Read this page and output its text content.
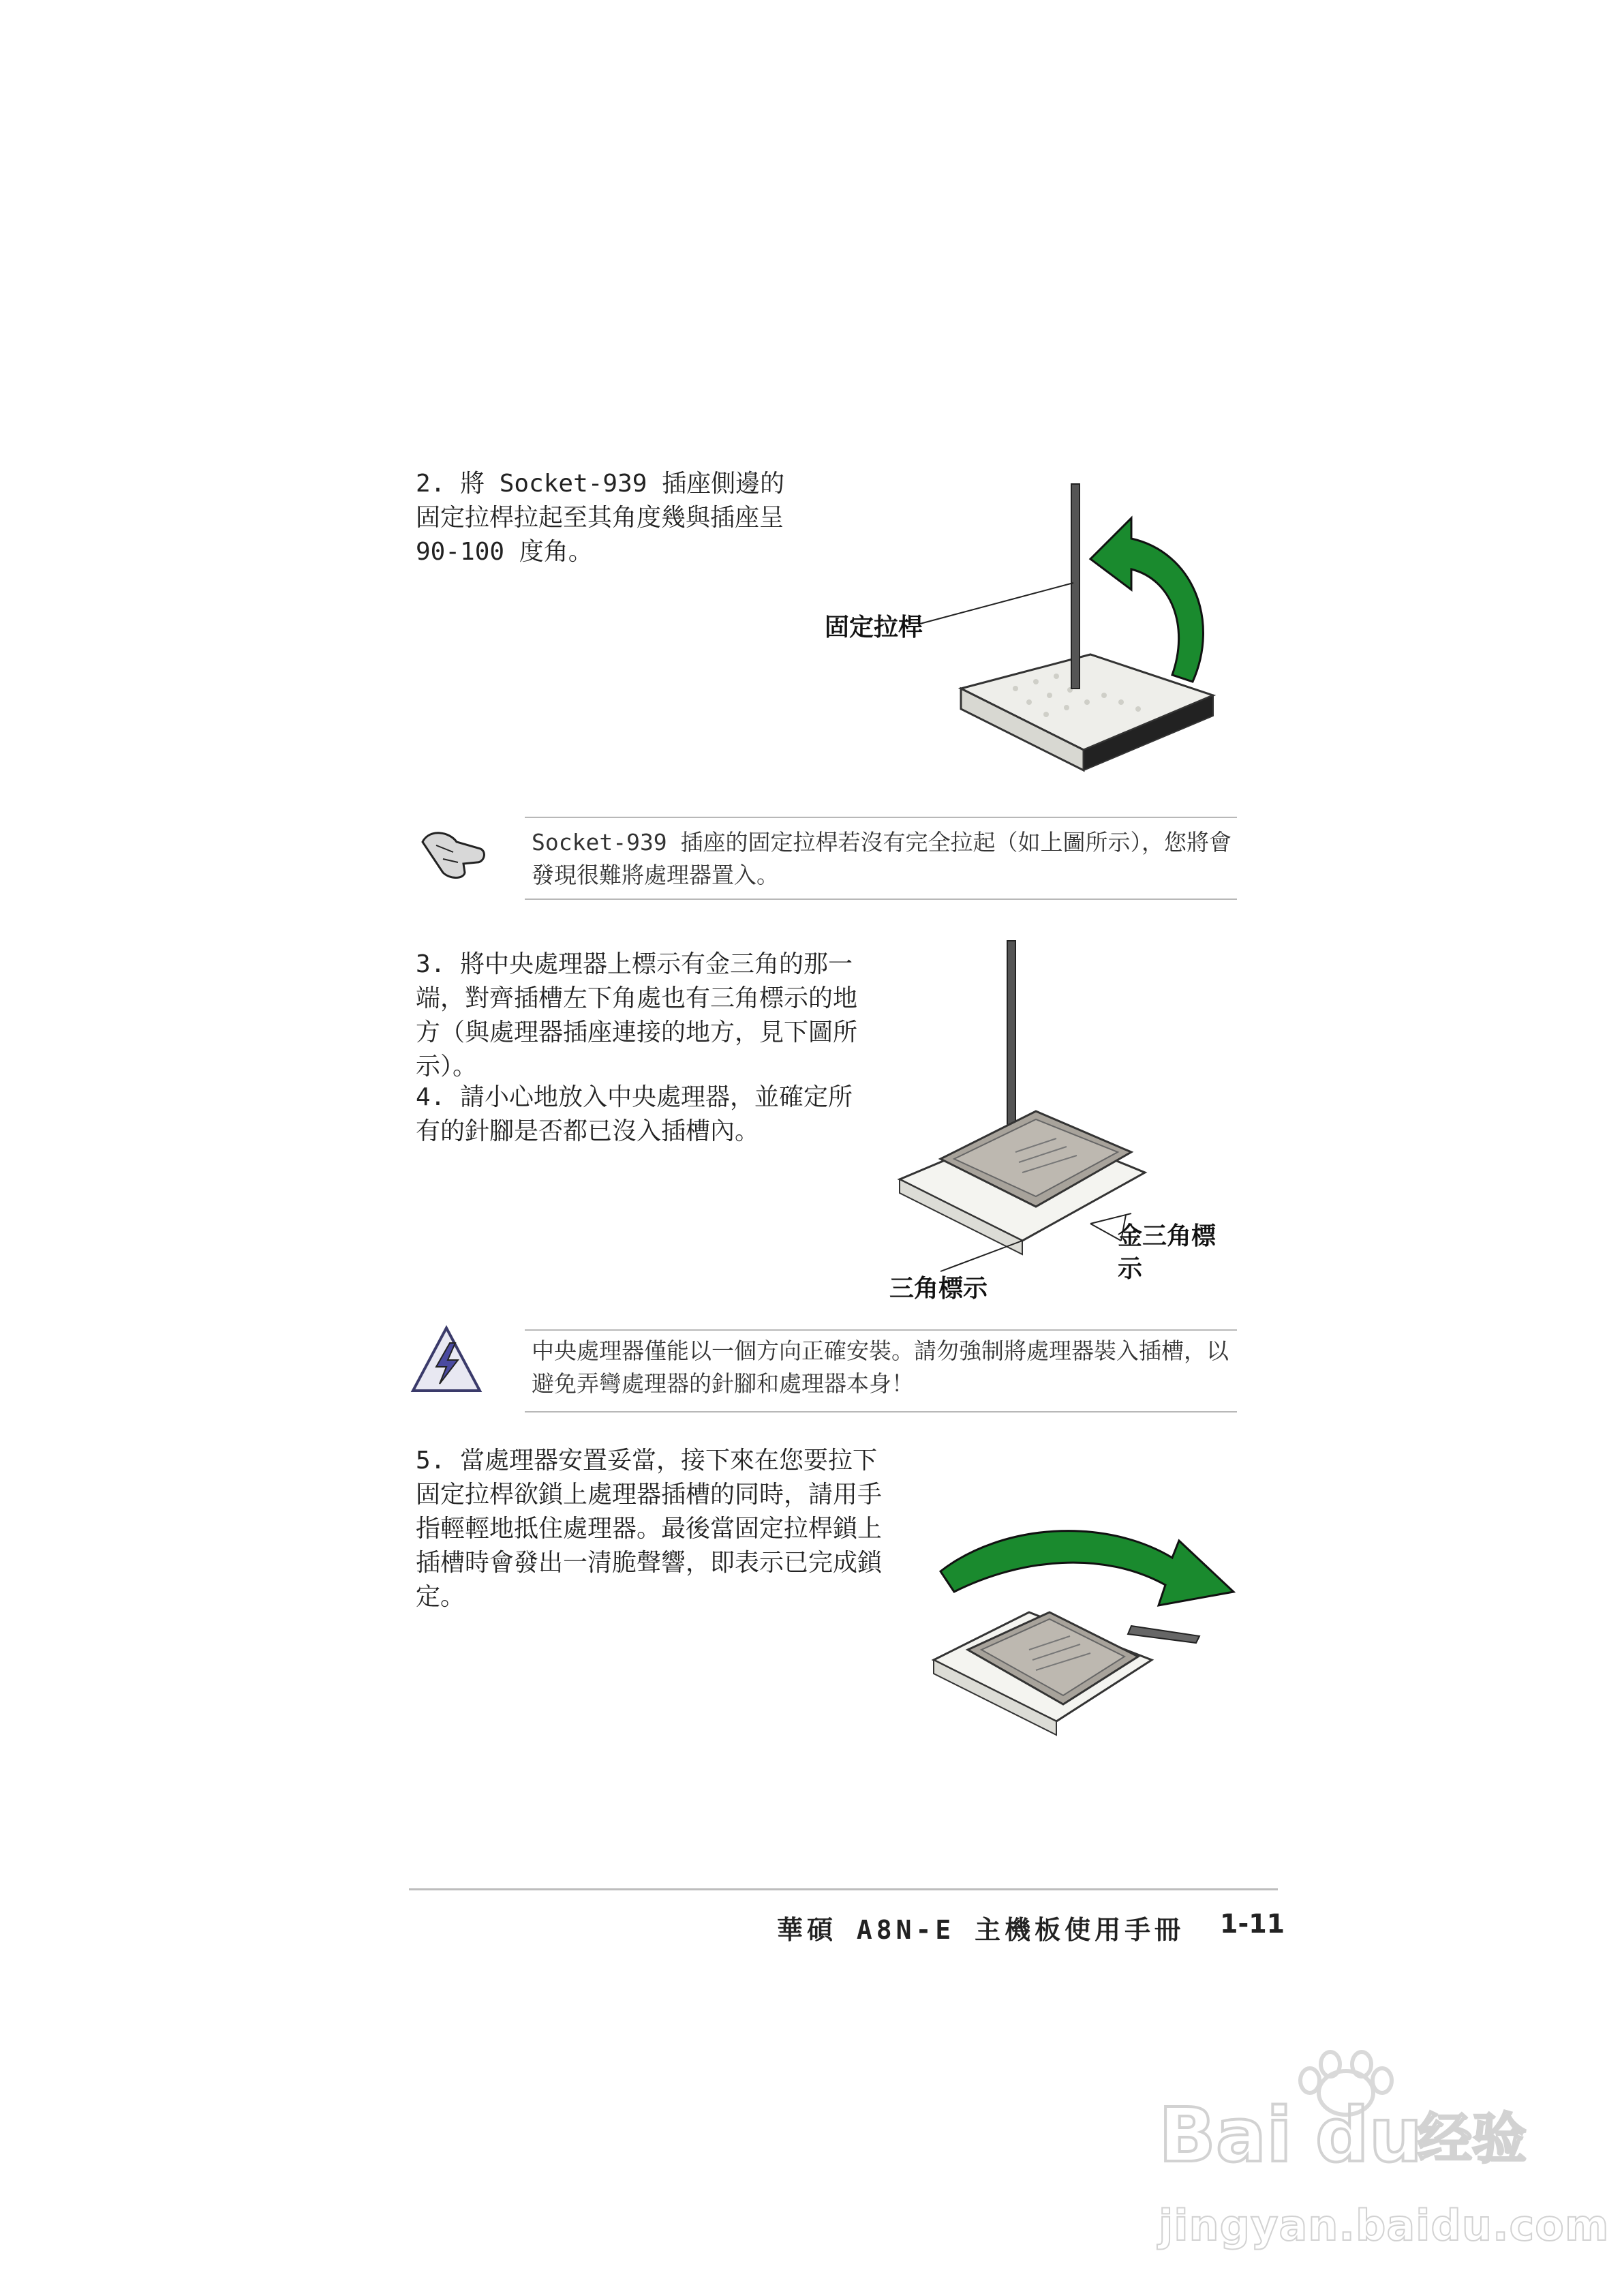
2. 將 Socket-939 插座側邊的固定拉桿拉起至其角度幾與插座呈 90-100 度角。
固定拉桿
Socket-939 插座的固定拉桿若沒有完全拉起（如上圖所示），您將會發現很難將處理器置入。
3. 將中央處理器上標示有金三角的那一端，對齊插槽左下角處也有三角標示的地方（與處理器插座連接的地方，見下圖所示）。
4. 請小心地放入中央處理器，並確定所有的針腳是否都已沒入插槽內。
金三角標示
三角標示
中央處理器僅能以一個方向正確安裝。請勿強制將處理器裝入插槽，以避免弄彎處理器的針腳和處理器本身！
5. 當處理器安置妥當，接下來在您要拉下固定拉桿欲鎖上處理器插槽的同時，請用手指輕輕地抵住處理器。最後當固定拉桿鎖上插槽時會發出一清脆聲響，即表示已完成鎖定。
華碩 A8N-E 主機板使用手冊 1-11
Bai du
经验
jingyan.baidu.com
